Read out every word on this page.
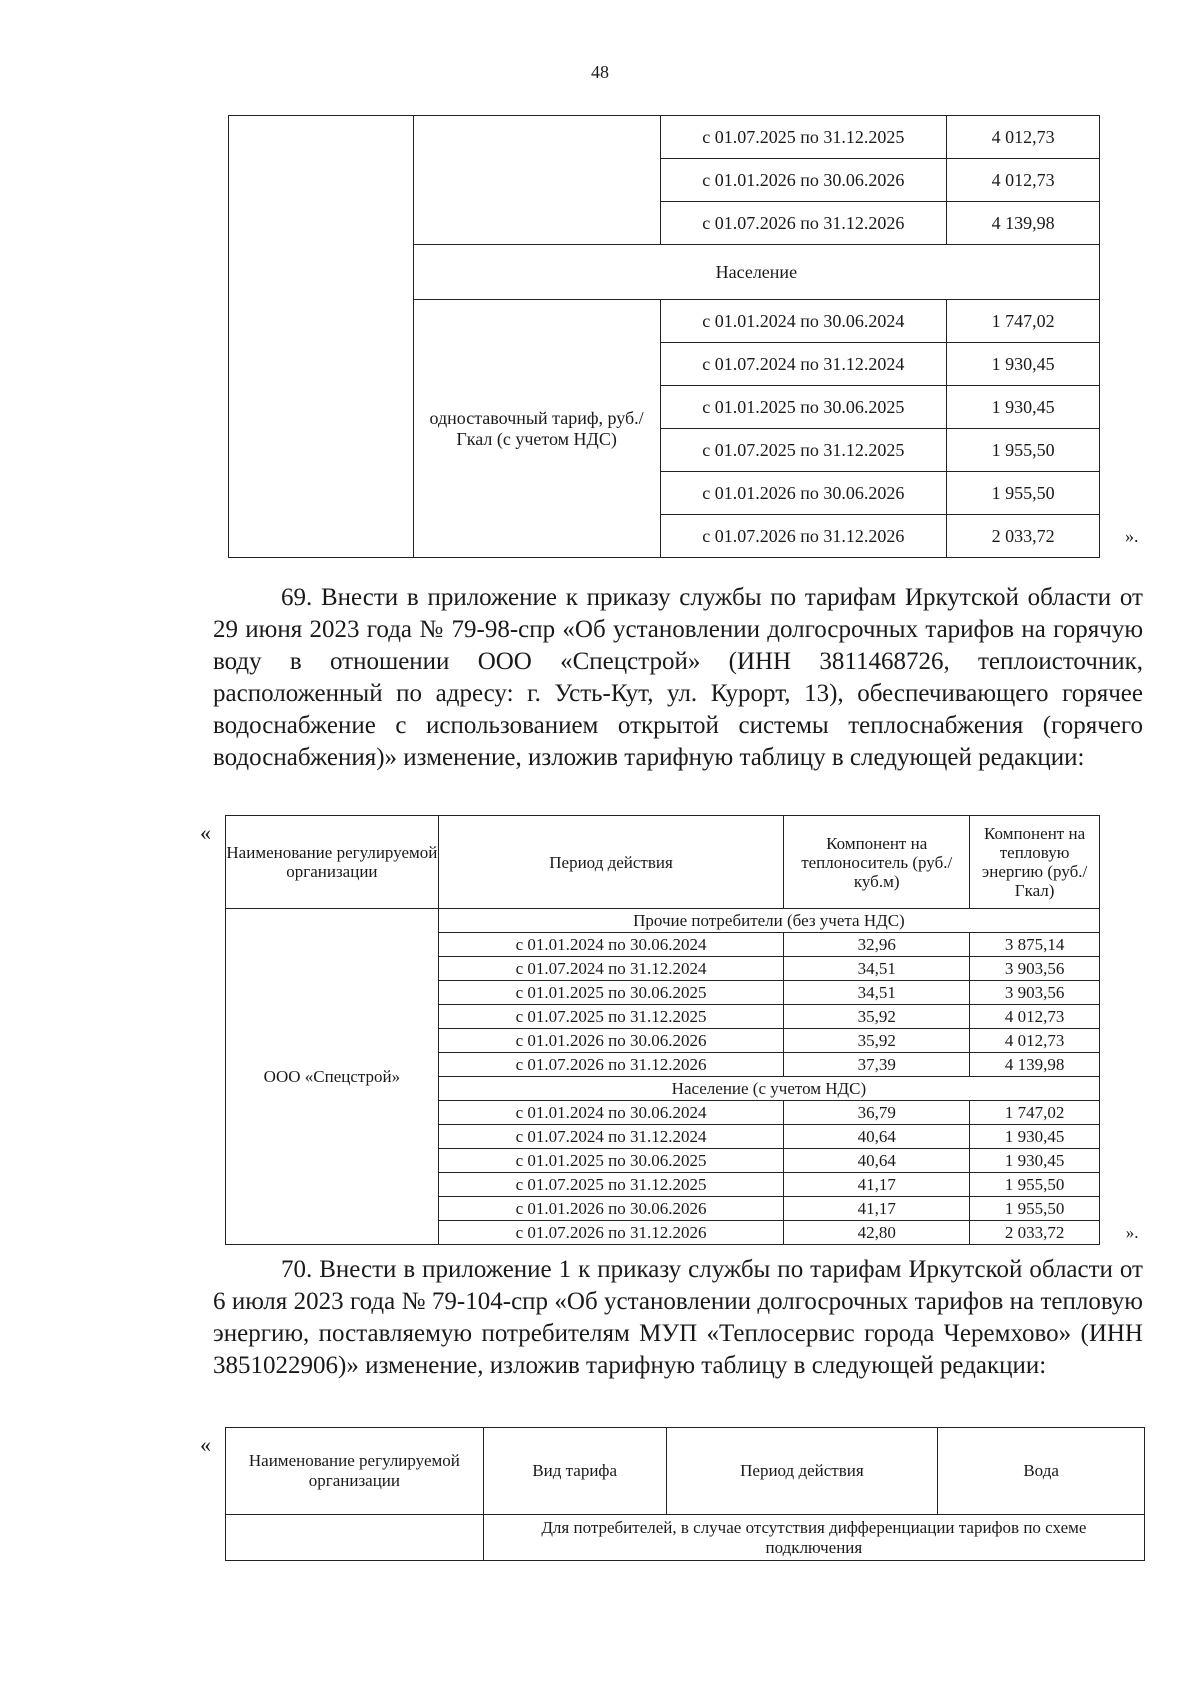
48
		с 01.07.2025 по 31.12.2025	4 012,73	
		с 01.01.2026 по 30.06.2026	4 012,73	
		с 01.07.2026 по 31.12.2026	4 139,98	
	Население			
	одноставочный тариф, руб./Гкал (с учетом НДС)	с 01.01.2024 по 30.06.2024	1 747,02	
		с 01.07.2024 по 31.12.2024	1 930,45	
		с 01.01.2025 по 30.06.2025	1 930,45	
		с 01.07.2025 по 31.12.2025	1 955,50	
		с 01.01.2026 по 30.06.2026	1 955,50	
		с 01.07.2026 по 31.12.2026	2 033,72	».
69. Внести в приложение к приказу службы по тарифам Иркутской области от 29 июня 2023 года № 79-98-спр «Об установлении долгосрочных тарифов на горячую воду в отношении ООО «Спецстрой» (ИНН 3811468726, теплоисточник, расположенный по адресу: г. Усть-Кут, ул. Курорт, 13), обеспечивающего горячее водоснабжение с использованием открытой системы теплоснабжения (горячего водоснабжения)» изменение, изложив тарифную таблицу в следующей редакции:
«
Наименование регулируемой организации	Период действия	Компонент на теплоноситель (руб./куб.м)	Компонент на тепловую энергию (руб./Гкал)	
ООО «Спецстрой»	Прочие потребители (без учета НДС)			
	с 01.01.2024 по 30.06.2024	32,96	3 875,14	
	с 01.07.2024 по 31.12.2024	34,51	3 903,56	
	с 01.01.2025 по 30.06.2025	34,51	3 903,56	
	с 01.07.2025 по 31.12.2025	35,92	4 012,73	
	с 01.01.2026 по 30.06.2026	35,92	4 012,73	
	с 01.07.2026 по 31.12.2026	37,39	4 139,98	
	Население (с учетом НДС)			
	с 01.01.2024 по 30.06.2024	36,79	1 747,02	
	с 01.07.2024 по 31.12.2024	40,64	1 930,45	
	с 01.01.2025 по 30.06.2025	40,64	1 930,45	
	с 01.07.2025 по 31.12.2025	41,17	1 955,50	
	с 01.01.2026 по 30.06.2026	41,17	1 955,50	
	с 01.07.2026 по 31.12.2026	42,80	2 033,72	».
70. Внести в приложение 1 к приказу службы по тарифам Иркутской области от 6 июля 2023 года № 79-104-спр «Об установлении долгосрочных тарифов на тепловую энергию, поставляемую потребителям МУП «Теплосервис города Черемхово» (ИНН 3851022906)» изменение, изложив тарифную таблицу в следующей редакции:
«
Наименование регулируемой организации	Вид тарифа	Период действия	Вода
	Для потребителей, в случае отсутствия дифференциации тарифов по схеме подключения		
